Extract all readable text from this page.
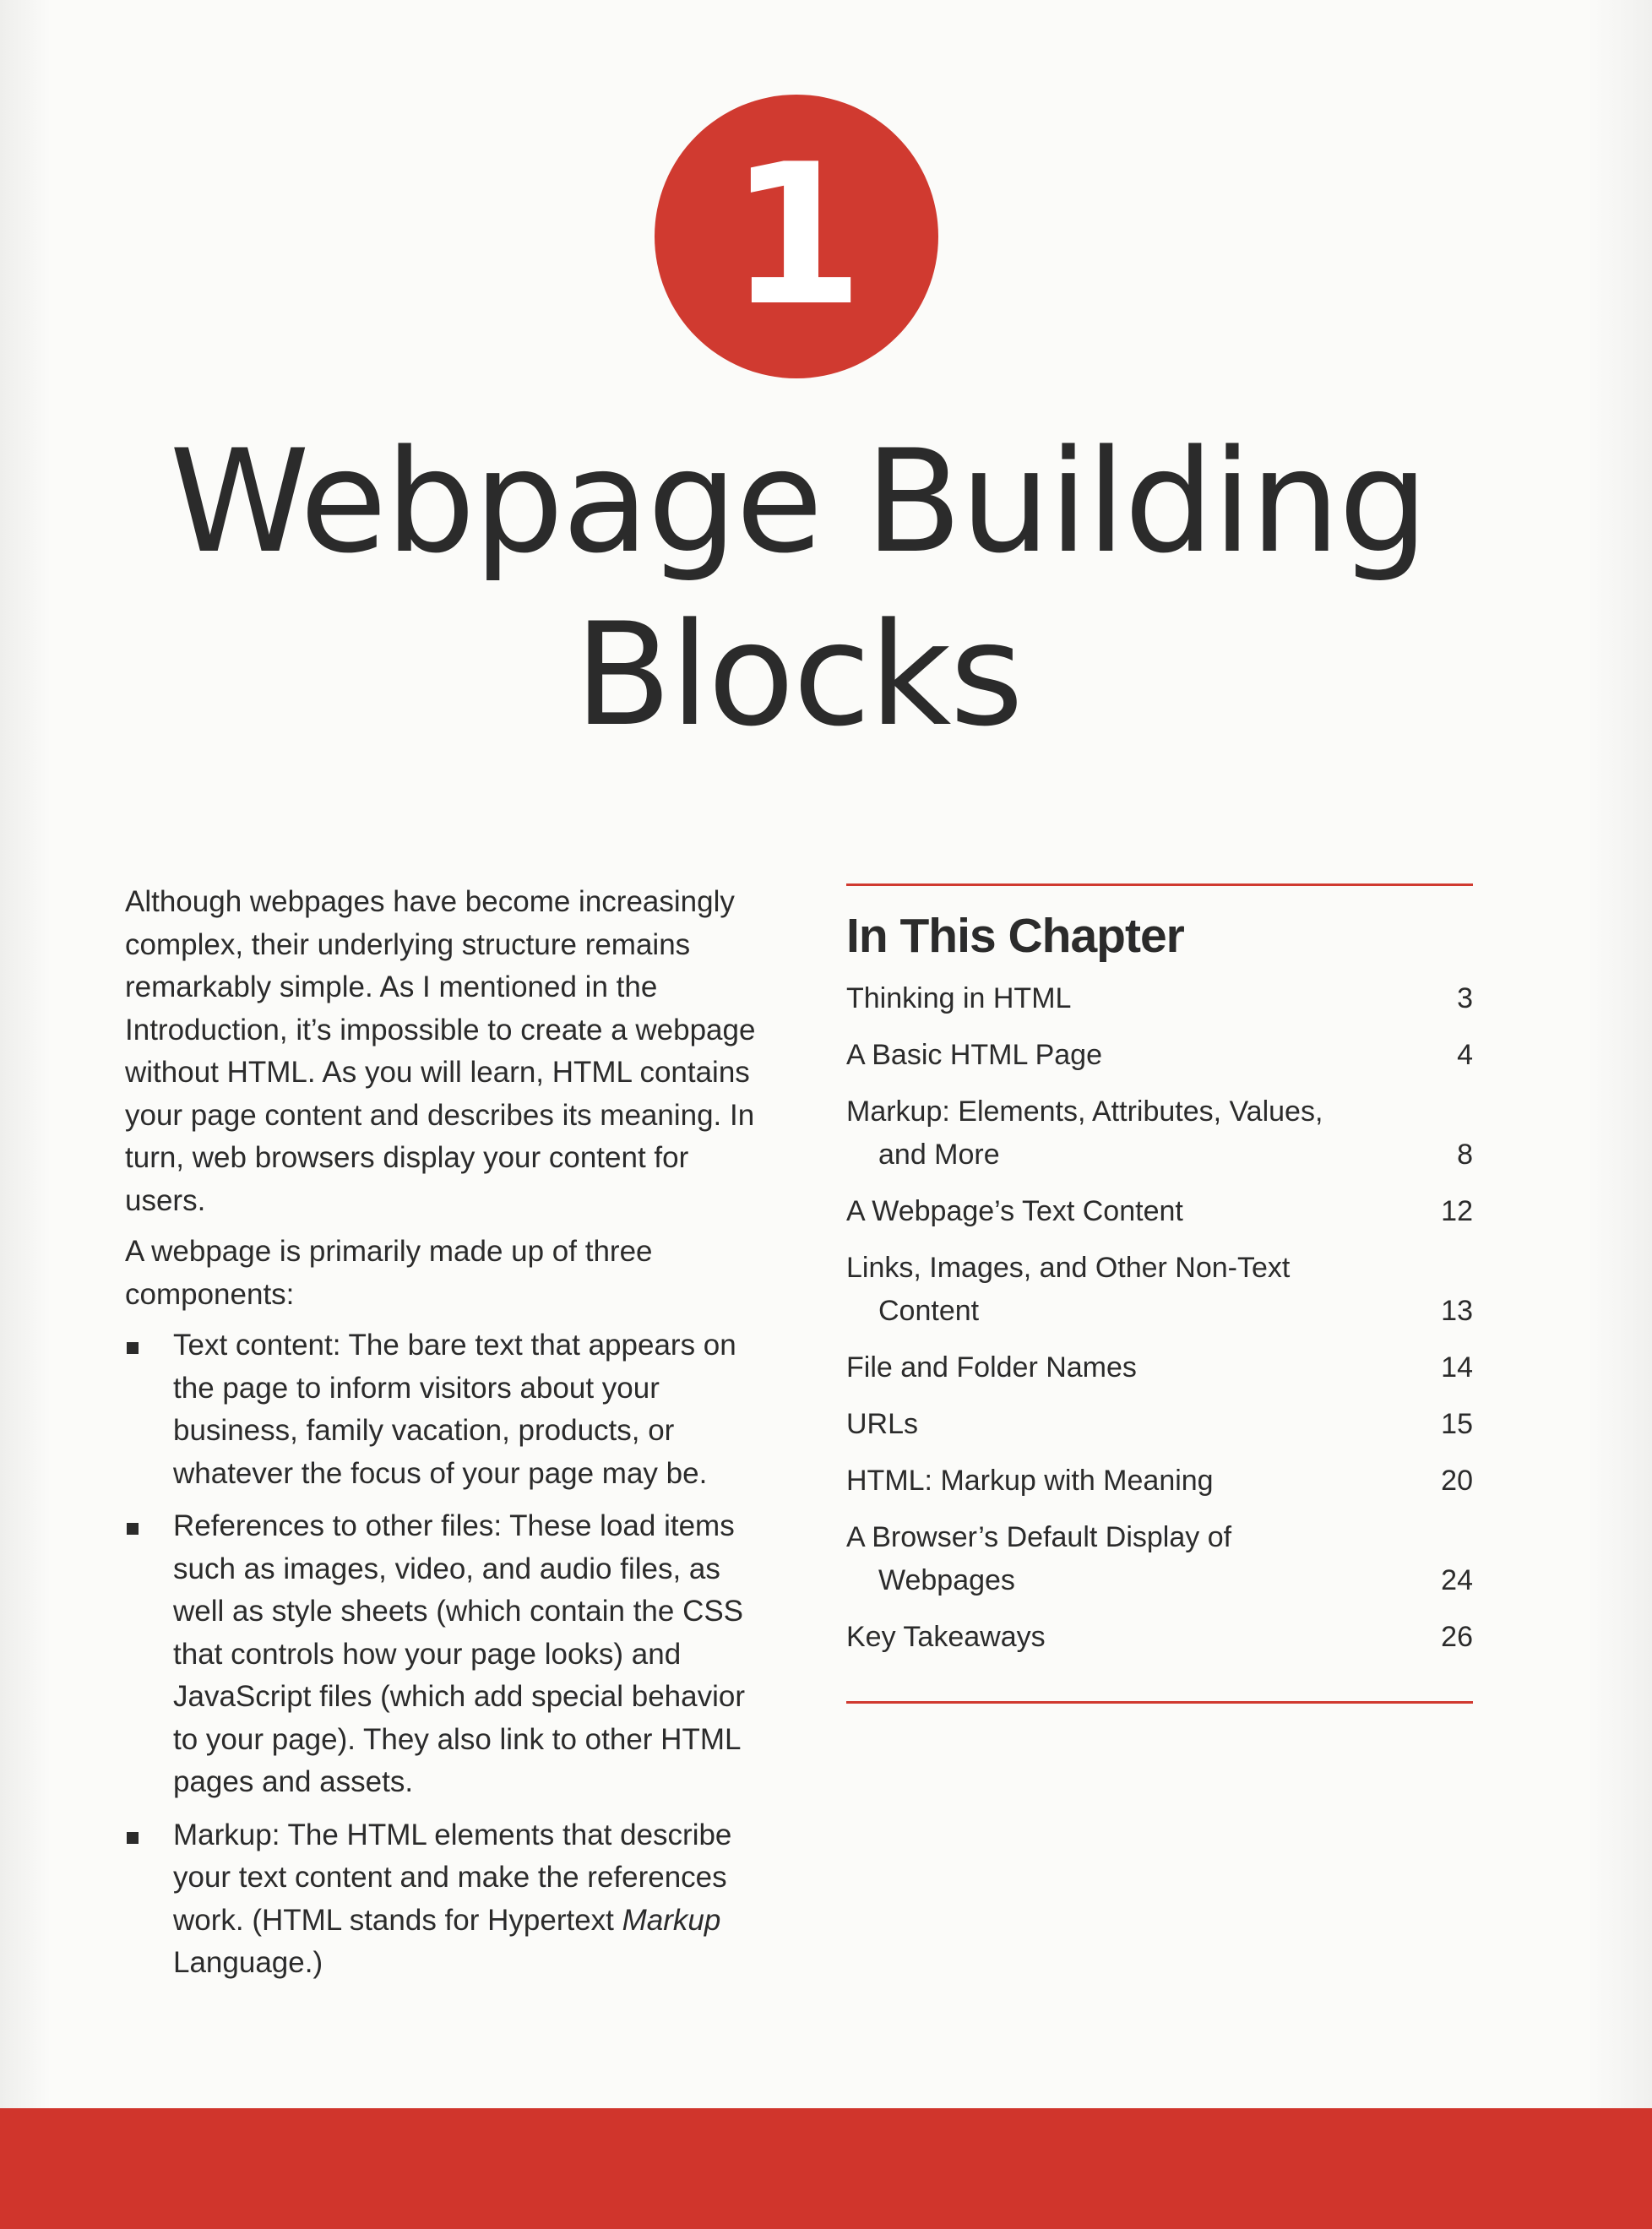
1
Webpage Building
Blocks

Although webpages have become increasingly complex, their underlying structure remains remarkably simple. As I mentioned in the Introduction, it’s impossible to create a webpage without HTML. As you will learn, HTML contains your page content and describes its meaning. In turn, web browsers display your content for users.

A webpage is primarily made up of three components:

Text content: The bare text that appears on the page to inform visitors about your business, family vacation, products, or whatever the focus of your page may be.
References to other files: These load items such as images, video, and audio files, as well as style sheets (which contain the CSS that controls how your page looks) and JavaScript files (which add special behavior to your page). They also link to other HTML pages and assets.
Markup: The HTML elements that describe your text content and make the references work. (HTML stands for Hypertext Markup Language.)
In This Chapter
Thinking in HTML	3
A Basic HTML Page	4
Markup: Elements, Attributes, Values,
and More	8
A Webpage’s Text Content	12
Links, Images, and Other Non-Text
Content	13
File and Folder Names	14
URLs	15
HTML: Markup with Meaning	20
A Browser’s Default Display of
Webpages	24
Key Takeaways	26
